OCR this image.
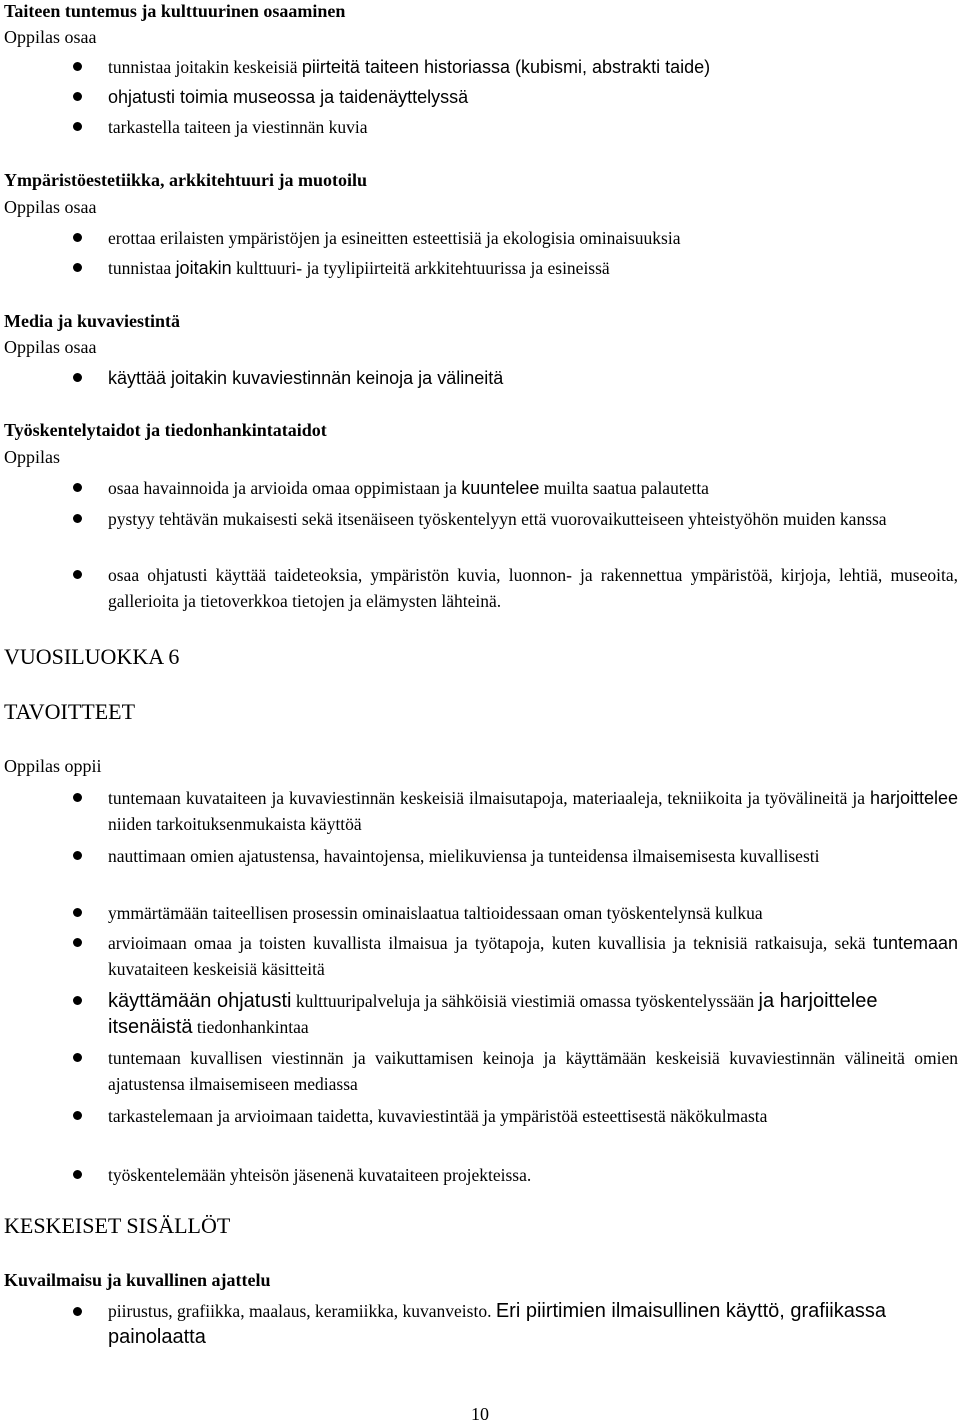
Taiteen tuntemus ja kulttuurinen osaaminen
Oppilas osaa
tunnistaa joitakin keskeisiä piirteitä taiteen historiassa (kubismi, abstrakti taide)
ohjatusti toimia museossa ja taidenäyttelyssä
tarkastella taiteen ja viestinnän kuvia
Ympäristöestetiikka, arkkitehtuuri ja muotoilu
Oppilas osaa
erottaa erilaisten ympäristöjen ja esineitten esteettisiä ja ekologisia ominaisuuksia
tunnistaa joitakin kulttuuri- ja tyylipiirteitä arkkitehtuurissa ja esineissä
Media ja kuvaviestintä
Oppilas osaa
käyttää joitakin kuvaviestinnän keinoja ja välineitä
Työskentelytaidot ja tiedonhankintataidot
Oppilas
osaa havainnoida ja arvioida omaa oppimistaan ja kuuntelee muilta saatua palautetta
pystyy tehtävän mukaisesti sekä itsenäiseen työskentelyyn että vuorovaikutteiseen yhteistyöhön muiden kanssa
osaa ohjatusti käyttää taideteoksia, ympäristön kuvia, luonnon- ja rakennettua ympäristöä, kirjoja, lehtiä, museoita, gallerioita ja tietoverkkoa tietojen ja elämysten lähteinä.
VUOSILUOKKA 6
TAVOITTEET
Oppilas oppii
tuntemaan kuvataiteen ja kuvaviestinnän keskeisiä ilmaisutapoja, materiaaleja, tekniikoita ja työvälineitä ja harjoittelee niiden tarkoituksenmukaista käyttöä
nauttimaan omien ajatustensa, havaintojensa, mielikuviensa ja tunteidensa ilmaisemisesta kuvallisesti
ymmärtämään taiteellisen prosessin ominaislaatua taltioidessaan oman työskentelynsä kulkua
arvioimaan omaa ja toisten kuvallista ilmaisua ja työtapoja, kuten kuvallisia ja teknisiä ratkaisuja, sekä tuntemaan kuvataiteen keskeisiä käsitteitä
käyttämään ohjatusti kulttuuripalveluja ja sähköisiä viestimiä omassa työskentelyssään ja harjoittelee itsenäistä tiedonhankintaa
tuntemaan kuvallisen viestinnän ja vaikuttamisen keinoja ja käyttämään keskeisiä kuvaviestinnän välineitä omien ajatustensa ilmaisemiseen mediassa
tarkastelemaan ja arvioimaan taidetta, kuvaviestintää ja ympäristöä esteettisestä näkökulmasta
työskentelemään yhteisön jäsenenä kuvataiteen projekteissa.
KESKEISET SISÄLLÖT
Kuvailmaisu ja kuvallinen ajattelu
piirustus, grafiikka, maalaus, keramiikka, kuvanveisto. Eri piirtimien ilmaisullinen käyttö, grafiikassa painolaatta
10
